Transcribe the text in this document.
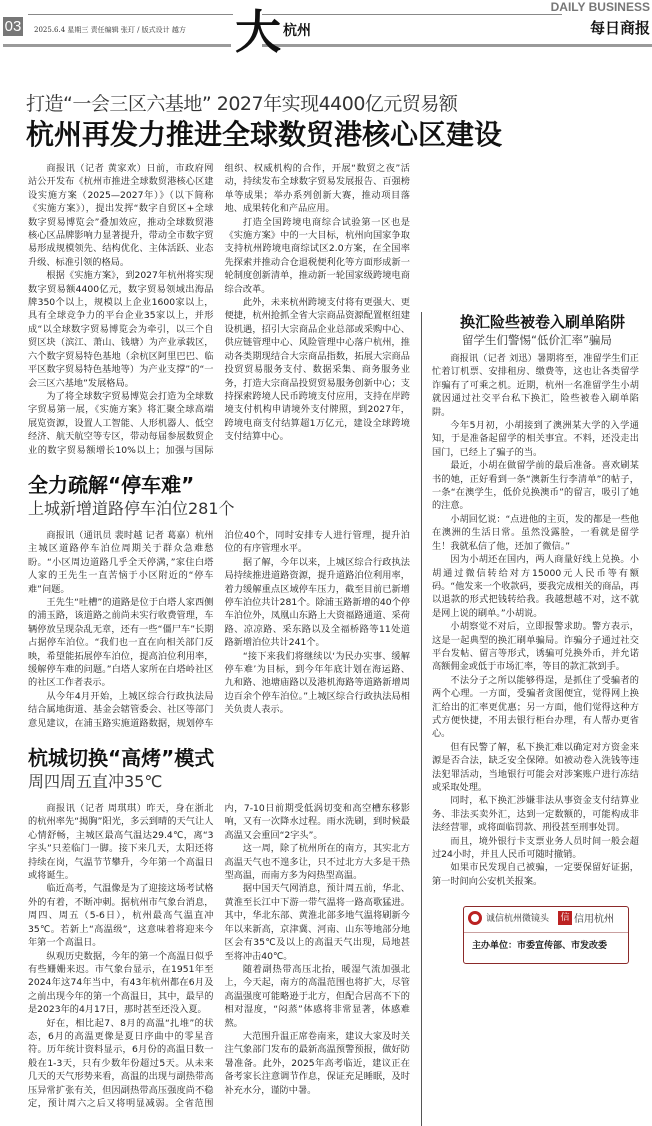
03 2025.6.4 星期三 责任编辑 张玎 / 版式设计 越方 大 杭州
DAILY BUSINESS
每日商报
打造“一会三区六基地” 2027年实现4400亿元贸易额
杭州再发力推进全球数贸港核心区建设

商报讯（记者 黄家欢）日前，市政府网站公开发布《杭州市推进全球数贸港核心区建设实施方案（2025—2027年）》（以下简称《实施方案》），提出发挥“数字自贸区+全球数字贸易博览会”叠加效应，推动全球数贸港核心区品牌影响力显著提升，带动全市数字贸易形成规模领先、结构优化、主体活跃、业态升级、标准引领的格局。

根据《实施方案》，到2027年杭州将实现数字贸易额4400亿元，数字贸易领域出海品牌350个以上，规模以上企业1600家以上，具有全球竞争力的平台企业35家以上，并形成“以全球数字贸易博览会为牵引，以三个自贸区块（滨江、萧山、钱塘）为产业承载区，六个数字贸易特色基地（余杭区阿里巴巴、临平区数字贸易特色基地等）为产业支撑”的“一会三区六基地”发展格局。

为了将全球数字贸易博览会打造为全球数字贸易第一展，《实施方案》将汇聚全球高端展览资源，设置人工智能、人形机器人、低空经济、航天航空等专区，带动每届参展数贸企业的数字贸易额增长10%以上；加强与国际组织、权威机构的合作，开展“数贸之夜”活动，持续发布全球数字贸易发展报告、百强榜单等成果；举办系列创新大赛，推动项目落地、成果转化和产品应用。

打造全国跨境电商综合试验第一区也是《实施方案》中的一大目标，杭州向国家争取支持杭州跨境电商综试区2.0方案，在全国率先探索并推动合仓退税便利化等方面形成新一轮制度创新清单，推动新一轮国家级跨境电商综合改革。

此外，未来杭州跨境支付将有更强大、更便捷，杭州抢抓全省大宗商品资源配置枢纽建设机遇，招引大宗商品企业总部或采购中心、供应链管理中心、风险管理中心落户杭州，推动各类期现结合大宗商品指数，拓展大宗商品投贸贸易服务支付、数据采集、商务服务业务，打造大宗商品投贸贸易服务创新中心；支持探索跨境人民币跨境支付应用，支持在岸跨境支付机构申请境外支付牌照，到2027年，跨境电商支付结算超1万亿元，建设全球跨境支付结算中心。

全力疏解“停车难”
上城新增道路停车泊位281个

商报讯（通讯员 裴时越 记者 葛嘉）杭州主城区道路停车泊位周期关于群众急难愁盼。“小区周边道路几乎全天停满，”家住白塔人家的王先生一直苦恼于小区附近的“停车难”问题。

王先生“吐槽”的道路是位于白塔人家西侧的浦玉路，该道路之前尚未实行收费管理，车辆停放呈现杂乱无章，还有一些“僵尸车”长期占据停车泊位。“我们也一直在向相关部门反映，希望能拓展停车泊位，提高泊位利用率，缓解停车难的问题。”白塔人家所在白塔岭社区的社区工作者表示。

从今年4月开始，上城区综合行政执法局结合属地街道、基金会辖管委会、社区等部门意见建议，在浦玉路实施道路数据，规划停车泊位40个，同时安排专人进行管理，提升泊位的有序管理水平。

据了解，今年以来，上城区综合行政执法局持续推进道路资源，提升道路泊位利用率，着力缓解重点区域停车压力，截至目前已新增停车泊位共计281个。除浦玉路新增的40个停车泊位外，凤凰山东路上大资福路通道、采荷路、凉凉路、采东路以及全福桥路等11处道路新增泊位共计241个。

“接下来我们将继续以‘为民办实事、缓解停车难’为目标，到今年年底计划在海运路、九和路、池塘庙路以及港机海路等道路新增周边百余个停车泊位。”上城区综合行政执法局相关负责人表示。

杭城切换“高烤”模式
周四周五直冲35℃

商报讯（记者 周琪琪）昨天，身在浙北的杭州率先“揭胸”阳光，多云到晴的天气让人心情舒畅，主城区最高气温达29.4℃，离“3字头”只差临门一脚。接下来几天，太阳还将持续在岗，气温节节攀升，今年第一个高温日或将诞生。

临近高考，气温像是为了迎接这场考试格外的有着，不断冲刺。据杭州市气象台消息，周四、周五（5-6日），杭州最高气温直冲35℃。若新上“高温级”，这意味着将迎来今年第一个高温日。

纵观历史数据，今年的第一个高温日似乎有些姗姗来迟。市气象台显示，在1951年至2024年这74年当中，有43年杭州都在6月及之前出现今年的第一个高温日，其中，最早的是2023年的4月17日，那时甚至还没入夏。

好在，相比起7、8月的高温“扎堆”的状态，6月的高温更像是夏日序曲中的零星音符。历年统计资料显示，6月份的高温日数一般在1-3天，只有少数年份超过5天。从未来几天的天气形势来看，高温的出现与副热带高压异常扩张有关，但因副热带高压强度尚不稳定，预计周六之后又将明显减弱。全省范围内，7-10日前期受低涡切变和高空槽东移影响，又有一次降水过程。雨水洗刷，到时候最高温又会重回“2字头”。

这一周，除了杭州所在的南方，其实北方高温天气也不遑多让，只不过北方大多是干热型高温，而南方多为闷热型高温。

据中国天气网消息，预计周五前，华北、黄淮至长江中下游一带气温将一路高歌猛进。其中，华北东部、黄淮北部多地气温将刷新今年以来新高，京津冀、河南、山东等地部分地区会有35℃及以上的高温天气出现，局地甚至将冲击40℃。

随着副热带高压北抬，暖湿气流加强北上，今天起，南方的高温范围也将扩大，尽管高温强度可能略逊于北方，但配合居高不下的相对湿度，“闷蒸”体感将非常显著，体感难熬。

大范围升温正席卷南来，建议大家及时关注气象部门发布的最新高温预警预报，做好防暑准备。此外，2025年高考临近，建议正在备考家长注意调节作息，保证充足睡眠，及时补充水分，谨防中暑。

换汇险些被卷入刷单陷阱
留学生们警惕“低价汇率”骗局

商报讯（记者 刘迅）暑期将至，准留学生们正忙着订机票、安排租房、缴费等，这也让各类留学诈骗有了可乘之机。近期，杭州一名准留学生小胡就因通过社交平台私下换汇，险些被卷入刷单陷阱。

今年5月初，小胡接到了澳洲某大学的入学通知，于是准备起留学的相关事宜。不料，还没走出国门，已经上了骗子的当。

最近，小胡在做留学前的最后准备。喜欢刷某书的她，正好看到一条“澳新生行李清单”的帖子，一条“在澳学生，低价兑换澳币”的留言，吸引了她的注意。

小胡回忆说：“点进他的主页，发的都是一些他在澳洲的生活日常。虽然没露脸，一看就是留学生！我就私信了他，还加了微信。”

因为小胡还在国内，两人商量好线上兑换。小胡通过微信转给对方15000元人民币等有额码。“他发来一个收款码，要我完成相关的商品，再以退款的形式把钱转给我。我越想越不对，这不就是网上说的刷单。”小胡说。

小胡察觉不对后，立即报警求助。警方表示，这是一起典型的换汇刷单骗局。诈骗分子通过社交平台发帖、留言等形式，诱骗可兑换外币，并允诺高额佣金或低于市场汇率，等目的款汇款到手。

不法分子之所以能够得逞，是抓住了受骗者的两个心理。一方面，受骗者贪图便宜，觉得网上换汇给出的汇率更优惠；另一方面，他们觉得这种方式方便快捷，不用去银行柜台办理，有人帮办更省心。

但有民警了解，私下换汇难以确定对方资金来源是否合法，缺乏安全保障。如被动卷入洗钱等违法犯罪活动，当地银行可能会对涉案账户进行冻结或采取处理。

同时，私下换汇涉嫌非法从事资金支付结算业务、非法买卖外汇，达到一定数额的，可能构成非法经营罪，或将面临罚款、刑役甚至刑事处罚。

而且，境外银行卡支票业务人员时间一般会超过24小时，并且人民币可随时撤销。

如果市民发现自己被骗，一定要保留好证据，第一时间向公安机关报案。

诚信杭州微镜头 信 信用杭州
主办单位：市委宣传部、市发改委
